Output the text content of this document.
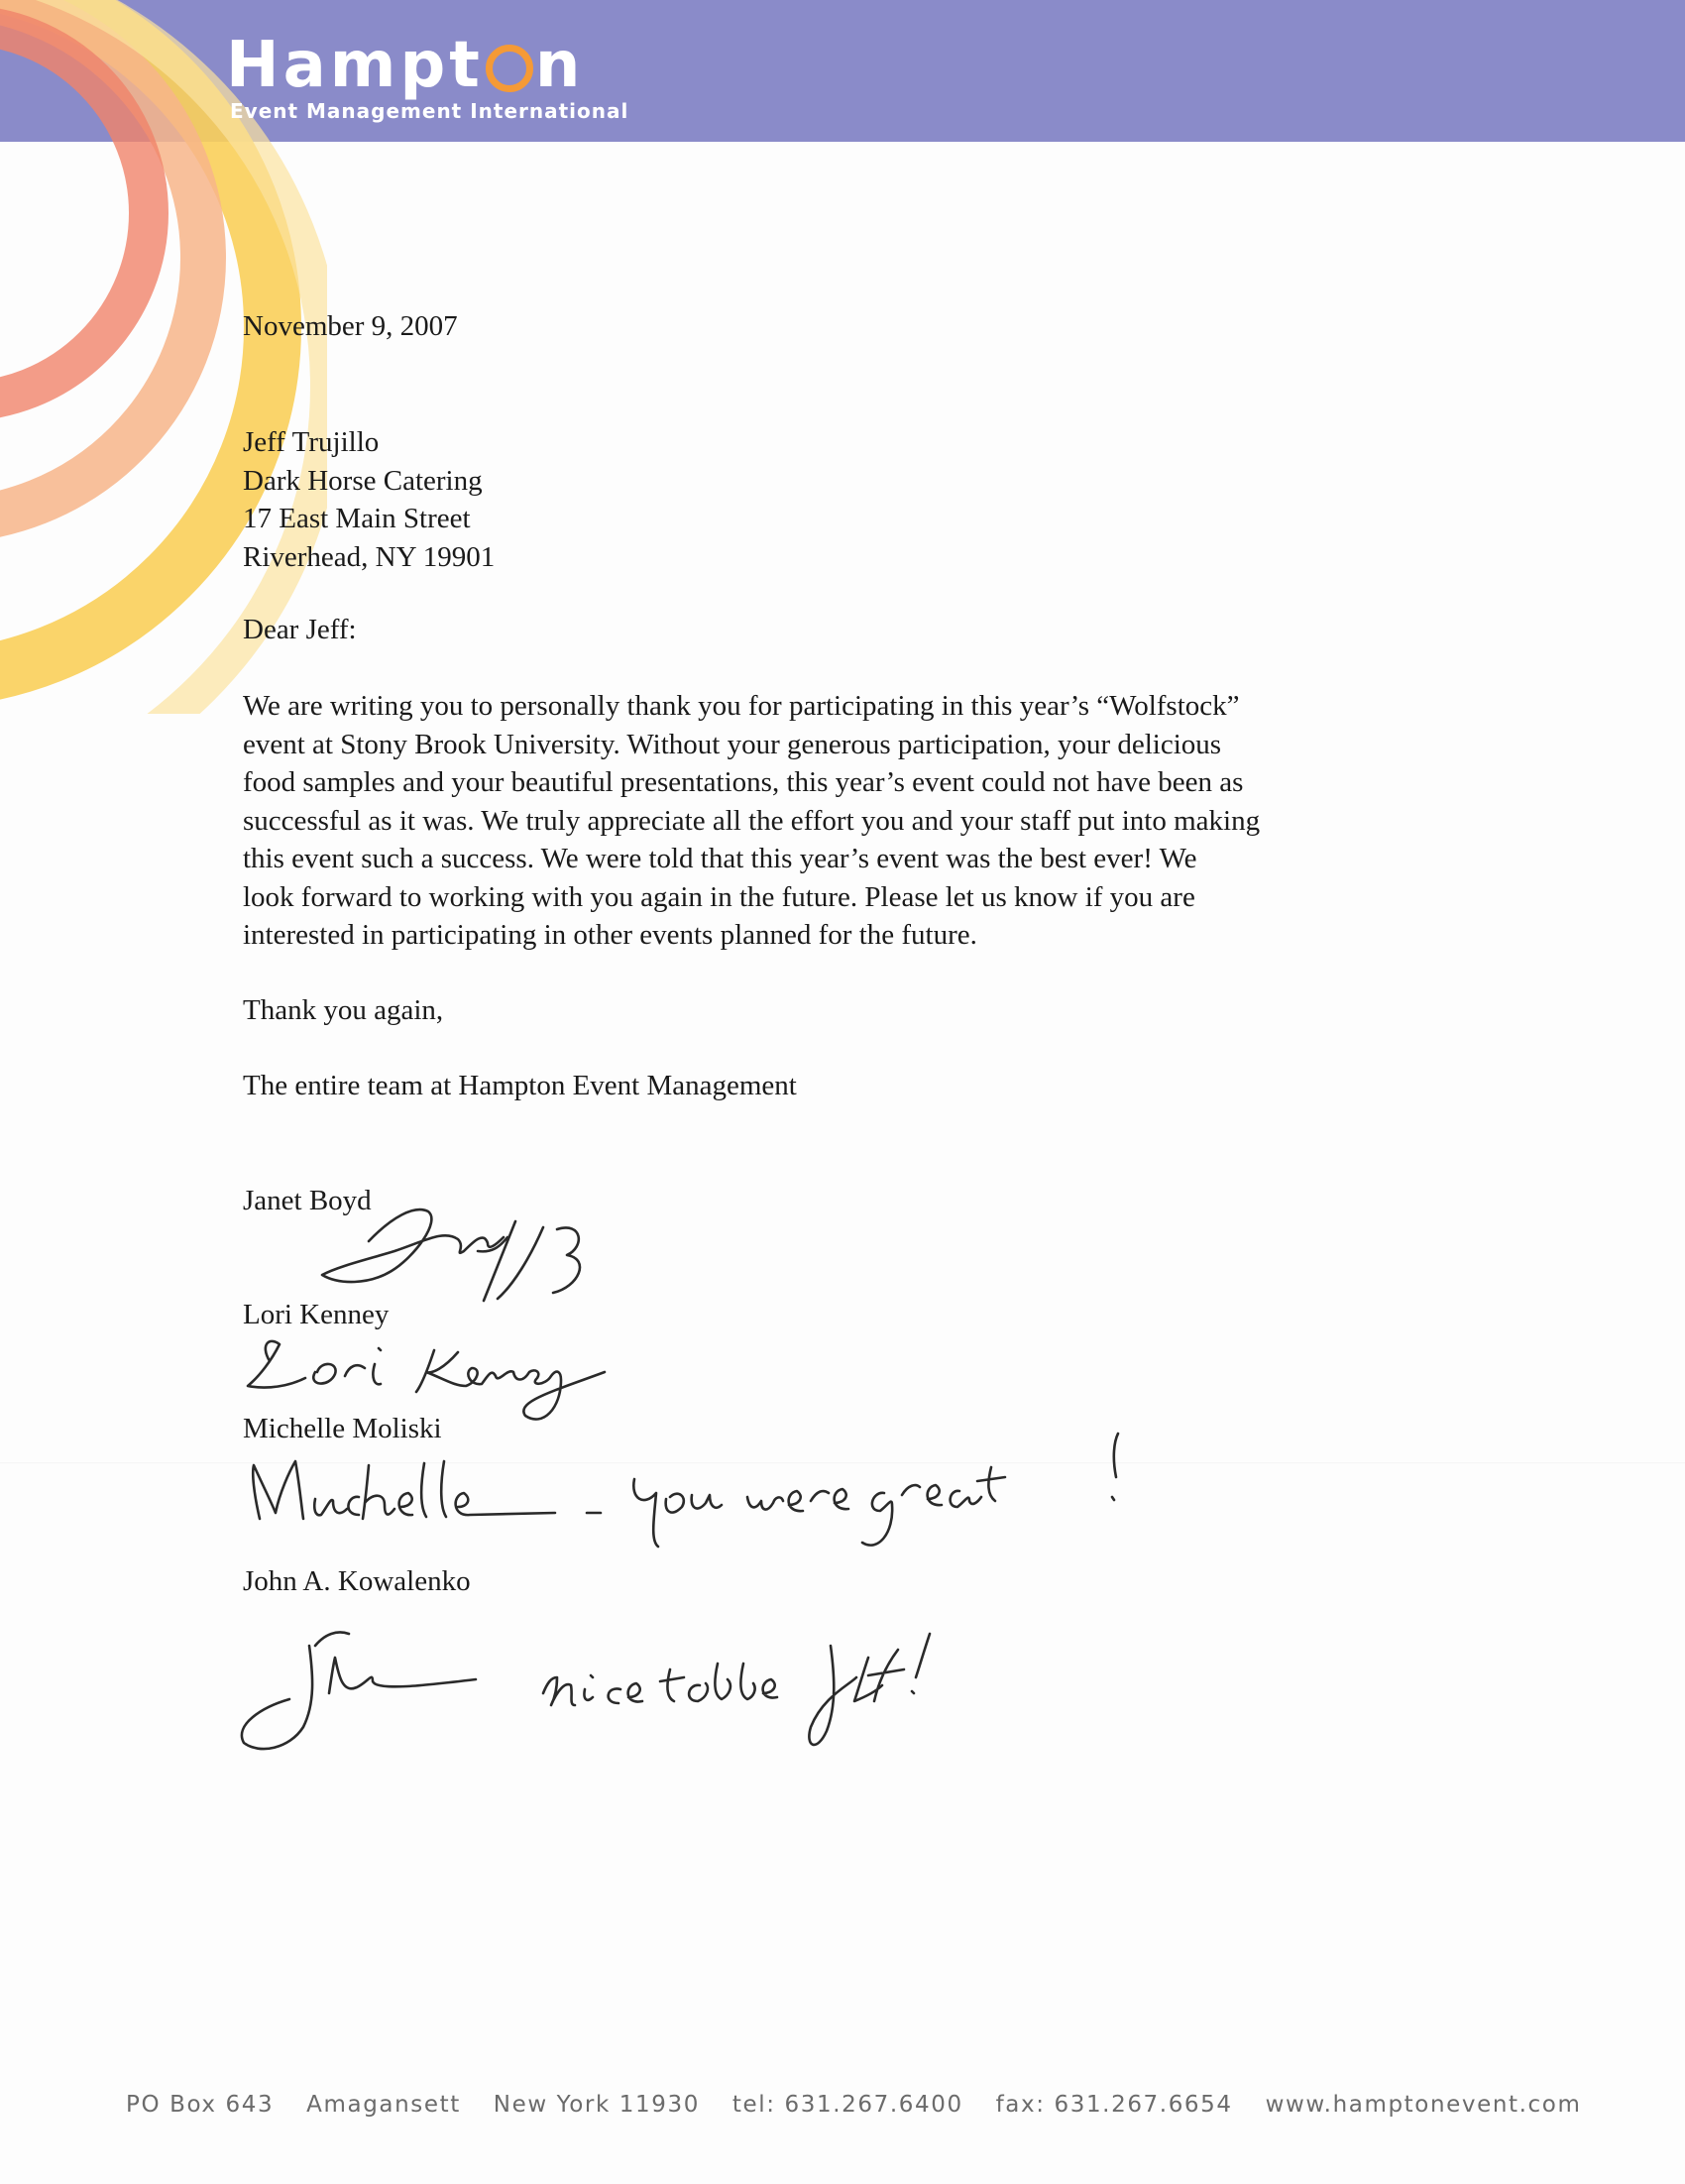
Hampt n
Event Management International
November 9, 2007
Jeff Trujillo
Dark Horse Catering
17 East Main Street
Riverhead, NY 19901
Dear Jeff:
We are writing you to personally thank you for participating in this year’s “Wolfstock”
event at Stony Brook University. Without your generous participation, your delicious
food samples and your beautiful presentations, this year’s event could not have been as
successful as it was. We truly appreciate all the effort you and your staff put into making
this event such a success. We were told that this year’s event was the best ever! We
look forward to working with you again in the future. Please let us know if you are
interested in participating in other events planned for the future.
Thank you again,
The entire team at Hampton Event Management
Janet Boyd
Lori Kenney
Michelle Moliski
John A. Kowalenko
PO Box 643 Amagansett New York 11930 tel: 631.267.6400 fax: 631.267.6654 www.hamptonevent.com
